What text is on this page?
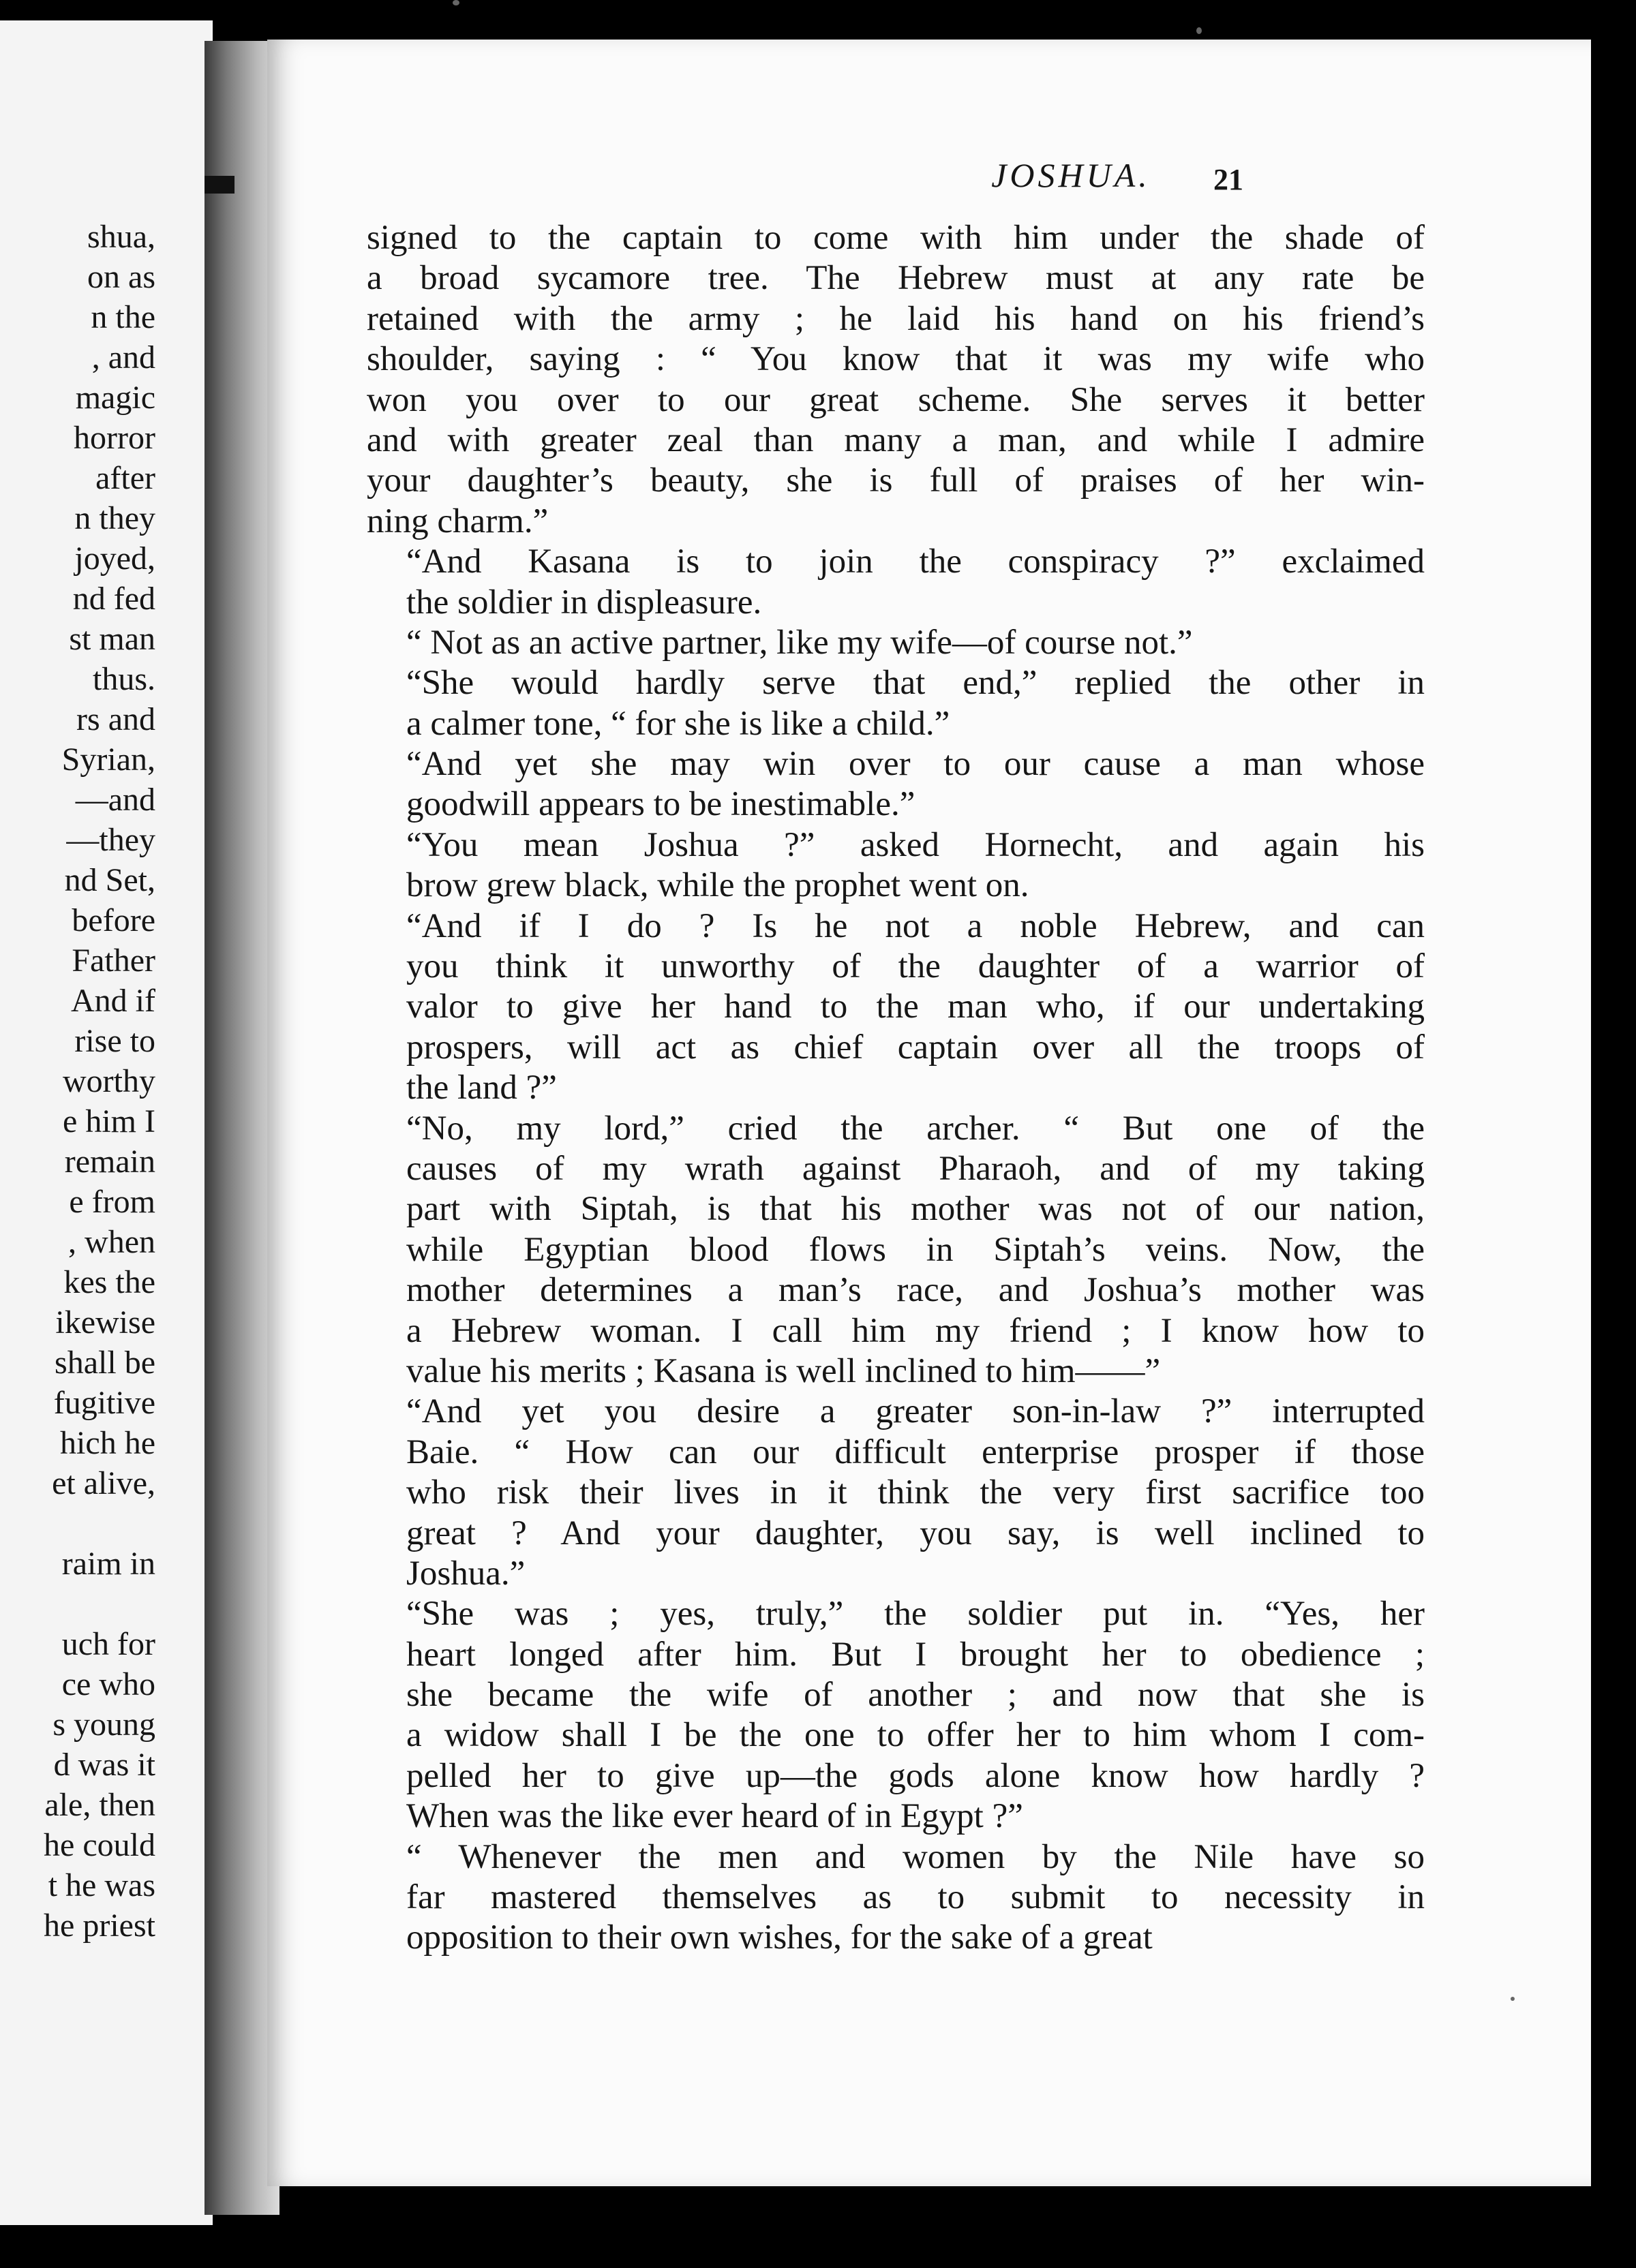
shua,
on as
n the
, and
magic
horror
after
n they
joyed,
nd fed
st man
thus.
rs and
Syrian,
—and
—they
nd Set,
before
Father
And if
rise to
worthy
e him I
remain
e from
, when
kes the
ikewise
shall be
fugitive
hich he
et alive,

raim in

uch for
ce who
s young
d was it
ale, then
he could
t he was
he priest
JOSHUA.	21

signed to the captain to come with him under the shade of
a broad sycamore tree. The Hebrew must at any rate be
retained with the army ; he laid his hand on his friend’s
shoulder, saying : “ You know that it was my wife who
won you over to our great scheme. She serves it better
and with greater zeal than many a man, and while I admire
your daughter’s beauty, she is full of praises of her win-
ning charm.”

“And Kasana is to join the conspiracy ?” exclaimed
the soldier in displeasure.

“ Not as an active partner, like my wife—of course not.”

“She would hardly serve that end,” replied the other in
a calmer tone, “ for she is like a child.”

“And yet she may win over to our cause a man whose
goodwill appears to be inestimable.”

“You mean Joshua ?” asked Hornecht, and again his
brow grew black, while the prophet went on.

“And if I do ? Is he not a noble Hebrew, and can
you think it unworthy of the daughter of a warrior of
valor to give her hand to the man who, if our undertaking
prospers, will act as chief captain over all the troops of
the land ?”

“No, my lord,” cried the archer. “ But one of the
causes of my wrath against Pharaoh, and of my taking
part with Siptah, is that his mother was not of our nation,
while Egyptian blood flows in Siptah’s veins. Now, the
mother determines a man’s race, and Joshua’s mother was
a Hebrew woman. I call him my friend ; I know how to
value his merits ; Kasana is well inclined to him——”

“And yet you desire a greater son-in-law ?” interrupted
Baie. “ How can our difficult enterprise prosper if those
who risk their lives in it think the very first sacrifice too
great ? And your daughter, you say, is well inclined to
Joshua.”

“She was ; yes, truly,” the soldier put in. “Yes, her
heart longed after him. But I brought her to obedience ;
she became the wife of another ; and now that she is
a widow shall I be the one to offer her to him whom I com-
pelled her to give up—the gods alone know how hardly ?
When was the like ever heard of in Egypt ?”

“ Whenever the men and women by the Nile have so
far mastered themselves as to submit to necessity in
opposition to their own wishes, for the sake of a great
